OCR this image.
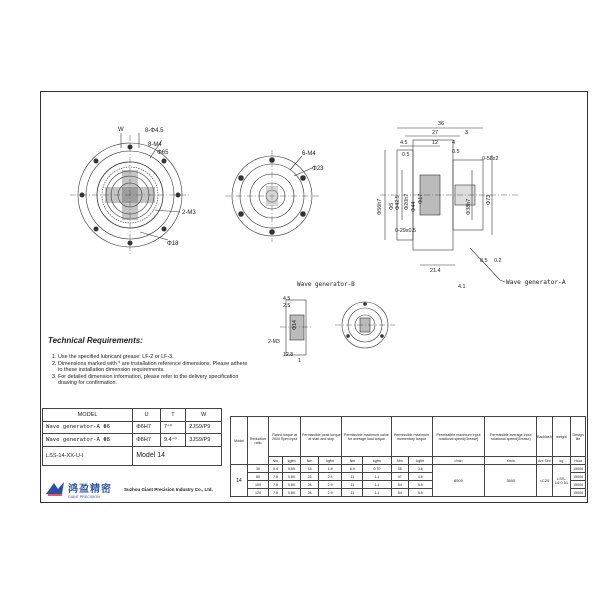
W	8-Φ4.5
8-M4
Φ65
2-M3
Φ18
6-M4
Φ23
36
27	3
4.5	12	4
0.5	0.5
0-58x2
Φ56h7 Φ5 Φ42.5 Φ20h7 Φ44
Φ17
0-29x0.5
Φ38h7	Φ73
21.4
8.5 0.2
4.1
Wave generator-A
Wave generator-B
4.5
2.5
2-M3
12.8
1
Φ14
Technical Requirements:
1. Use the specified lubricant grease: LF-2 or LF-3.
2. Dimensions marked with * are installation reference dimensions. Please adhere to these installation dimension requirements.
3. For detailed dimension information, please refer to the delivery specification drawing for confirmation.
MODEL	U	T	W
Wave generator-A Φ6	Φ6H7	7⁺⁰	2JS9/P9
Wave generator-A Φ8	Φ8H7	9.4⁺⁰	3JS9/P9
LSS-14-XX-U-I	Model 14		
鸿盈精密
GIANT PRECISION
Suzhou Giant Precision Industry Co., Ltd.
Model	Reduction ratio	Rated torque at 2000 Rpm input		Permissible peak torque at start and stop		Permissible maximum value for average load torque		Permissible maximum momentary torque		Permissible maximum input rotational speed(Grease)	Permissible average input rotational speed(Grease)	Backlash	weight	Design life
		Nm	kgfm	Nm	kgfm	Nm	kgfm	Nm	kgfm	r/min	r/min	Arc Sec	kg	Hour
14	30	5.4	0.55	18	1.8	6.9	0.70	35	3.6	8500	3500	<C20	LSS-14:0.51	15000
	80	7.8	0.80	23	2.4	11	1.1	47	4.8					15000
	100	7.8	0.80	28	2.9	11	1.1	54	5.5					15000
	120	7.8	0.80	28	2.9	11	1.1	54	5.5					15000
